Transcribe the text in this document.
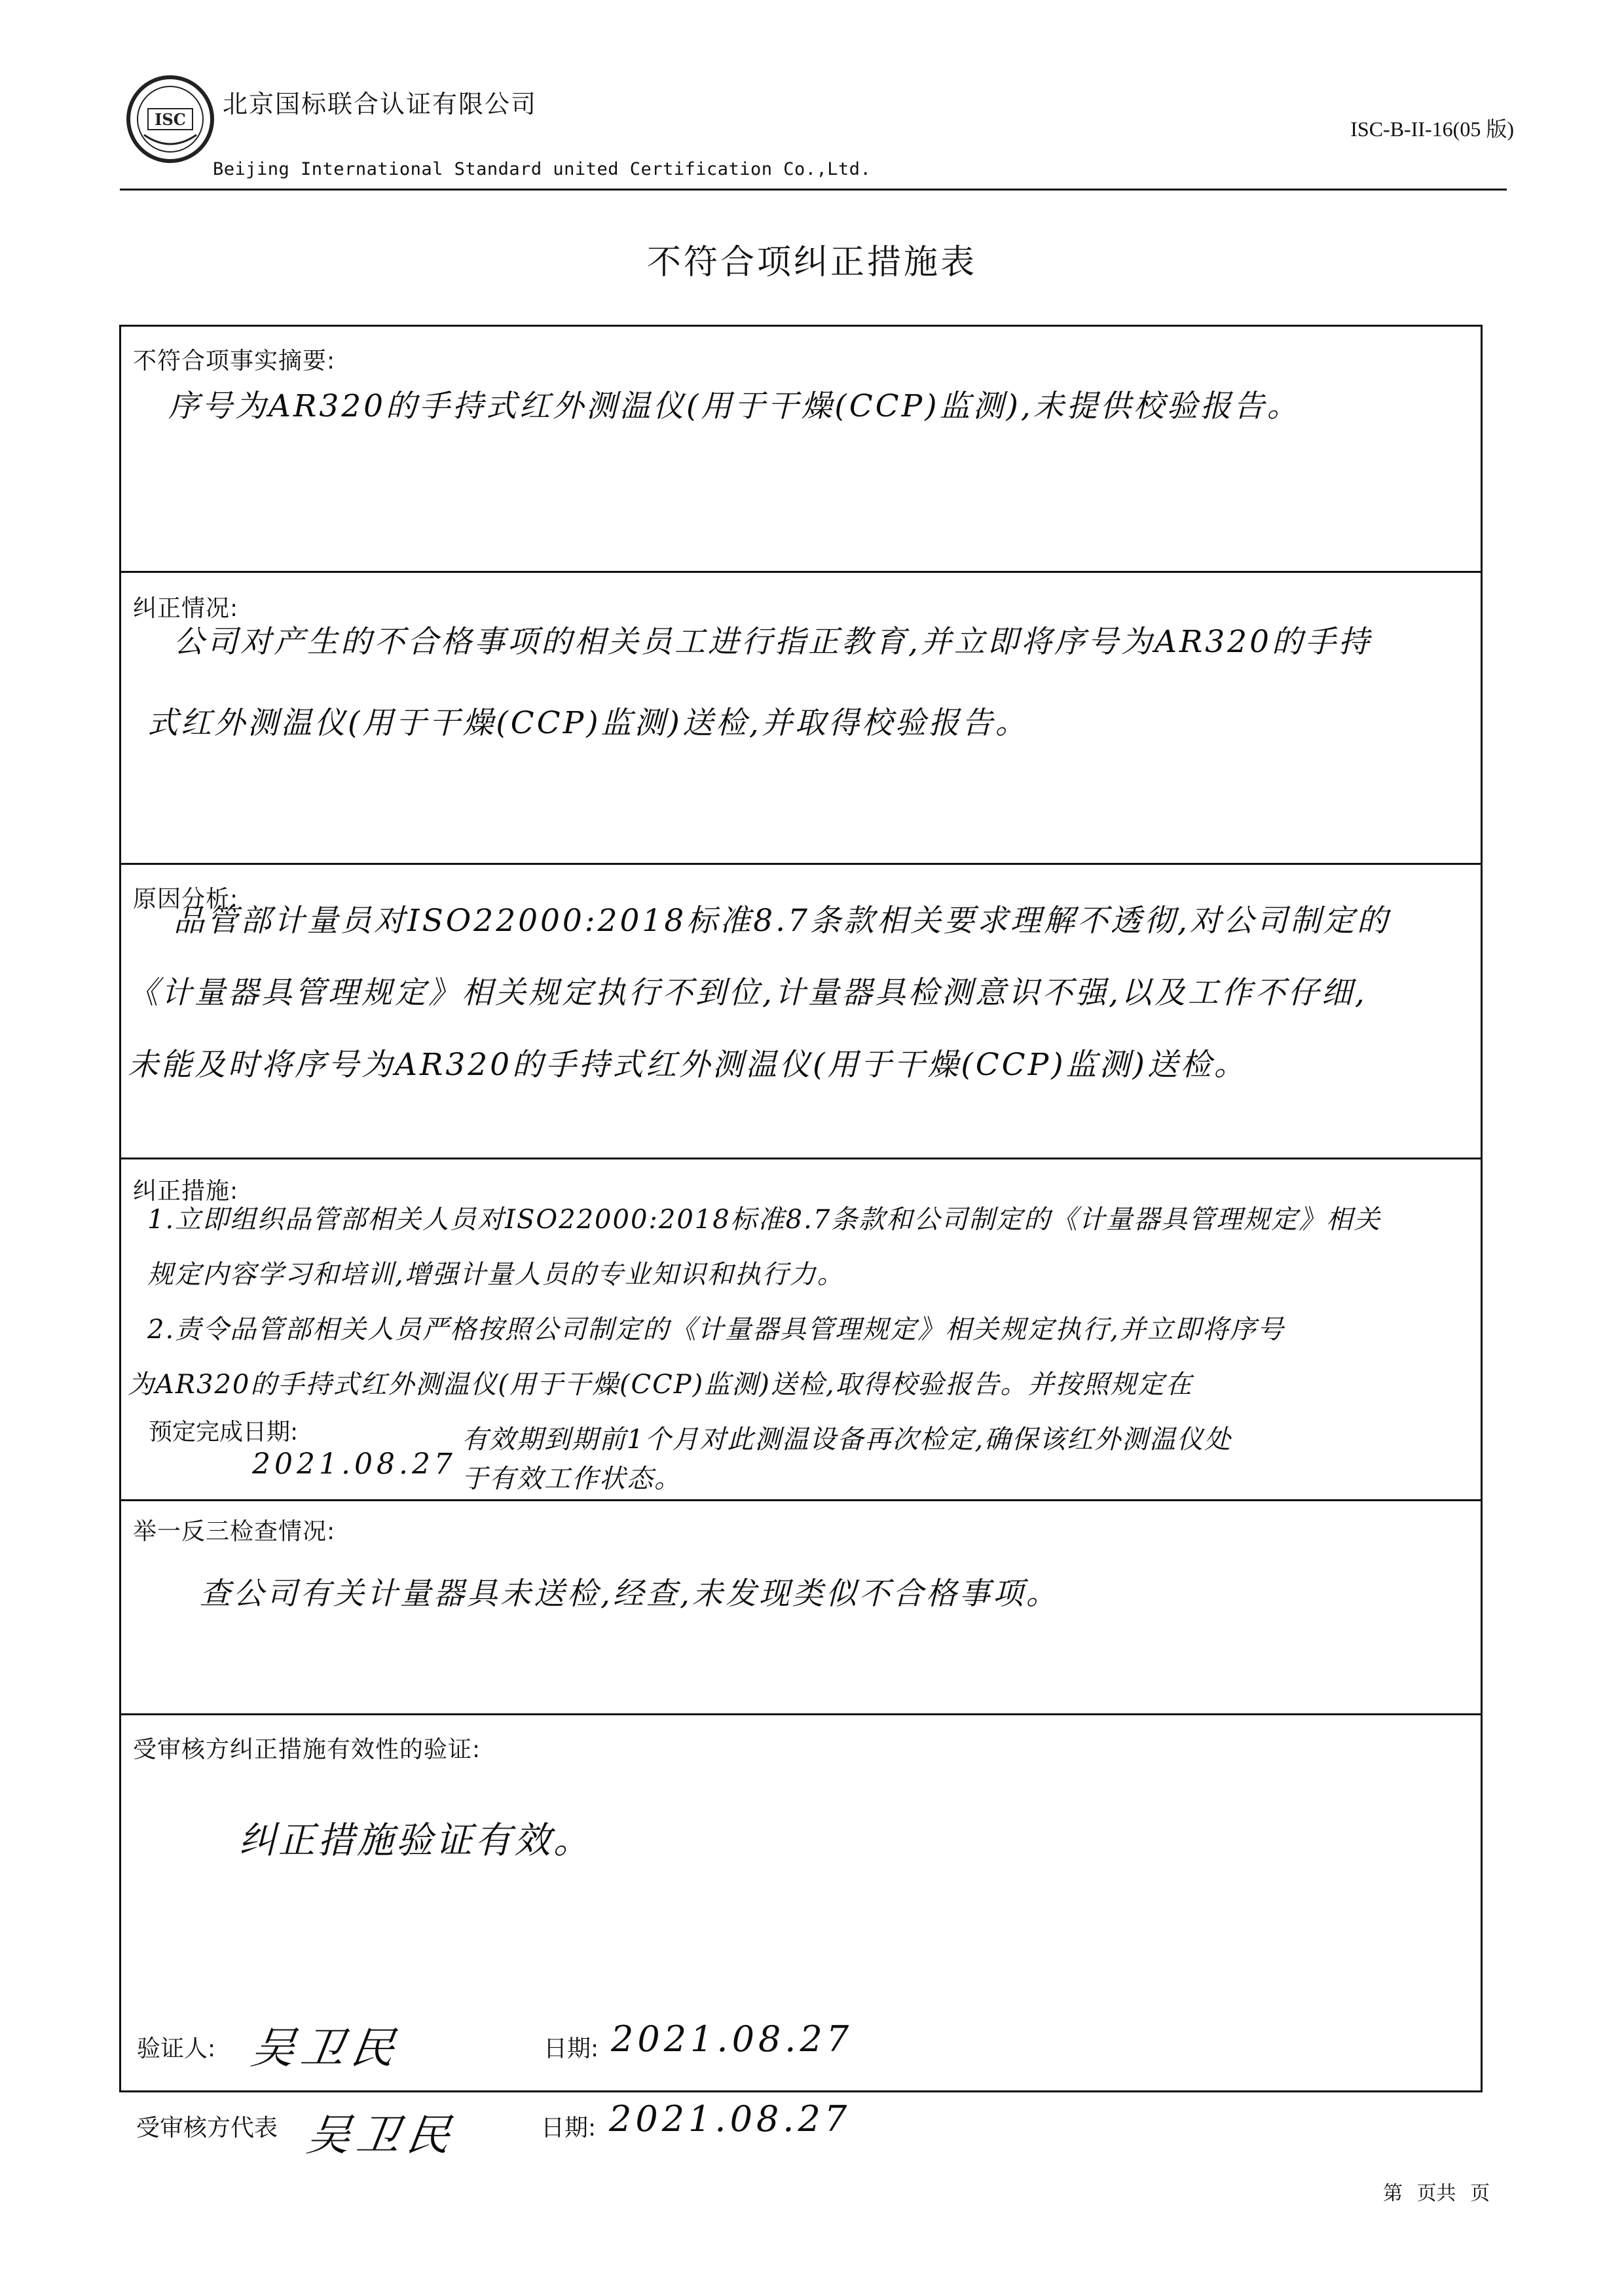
ISC
北京国标联合认证有限公司
Beijing International Standard united Certification Co.,Ltd.
ISC-B-II-16(05 版)
不符合项纠正措施表
不符合项事实摘要:
序号为AR320的手持式红外测温仪(用于干燥(CCP)监测),未提供校验报告。
纠正情况:
公司对产生的不合格事项的相关员工进行指正教育,并立即将序号为AR320的手持
式红外测温仪(用于干燥(CCP)监测)送检,并取得校验报告。
原因分析:
品管部计量员对ISO22000:2018标准8.7条款相关要求理解不透彻,对公司制定的
《计量器具管理规定》相关规定执行不到位,计量器具检测意识不强,以及工作不仔细,
未能及时将序号为AR320的手持式红外测温仪(用于干燥(CCP)监测)送检。
纠正措施:
1.立即组织品管部相关人员对ISO22000:2018标准8.7条款和公司制定的《计量器具管理规定》相关
规定内容学习和培训,增强计量人员的专业知识和执行力。
2.责令品管部相关人员严格按照公司制定的《计量器具管理规定》相关规定执行,并立即将序号
为AR320的手持式红外测温仪(用于干燥(CCP)监测)送检,取得校验报告。并按照规定在
有效期到期前1个月对此测温设备再次检定,确保该红外测温仪处
于有效工作状态。
预定完成日期:
2021.08.27
举一反三检查情况:
查公司有关计量器具未送检,经查,未发现类似不合格事项。
受审核方纠正措施有效性的验证:
纠正措施验证有效。
验证人: 吴卫民	日期: 2021.08.27
受审核方代表 吴卫民	日期: 2021.08.27
第 页共 页
